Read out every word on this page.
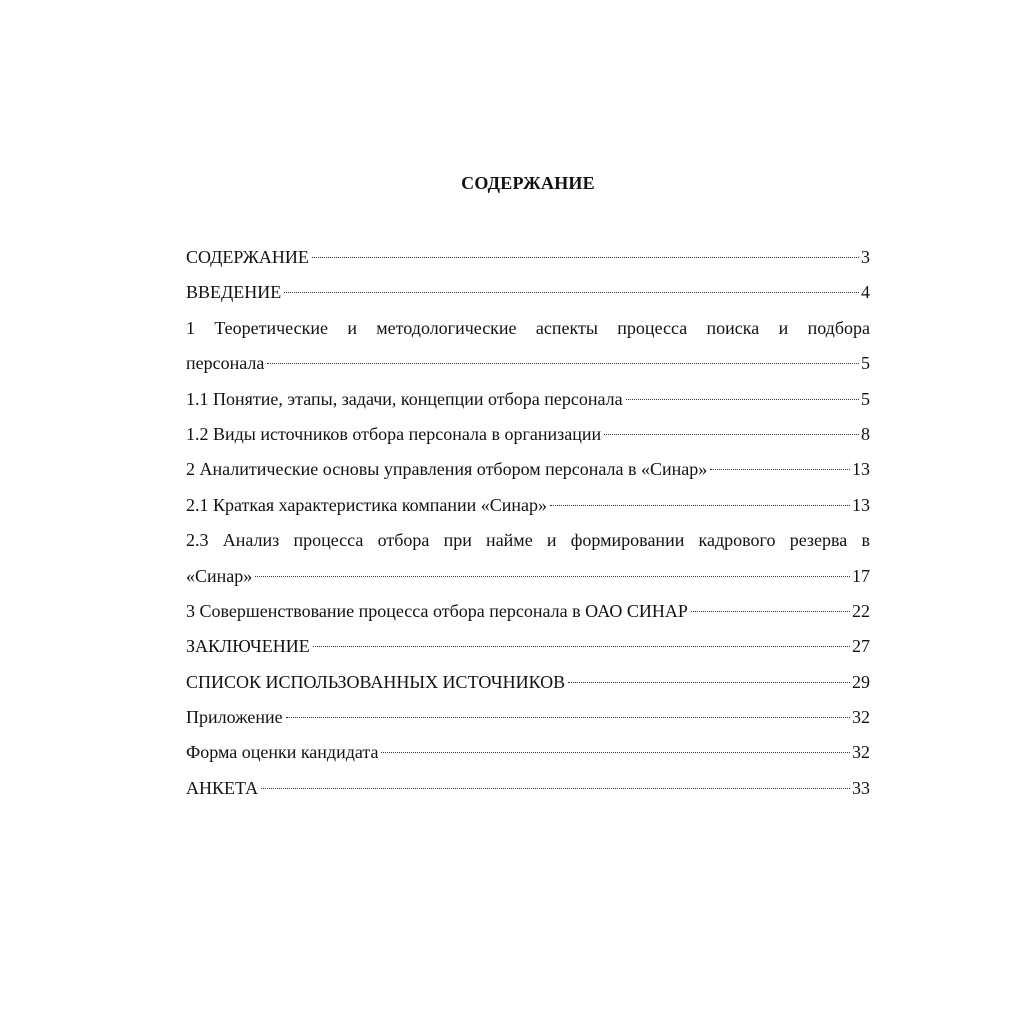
СОДЕРЖАНИЕ
СОДЕРЖАНИЕ	3
ВВЕДЕНИЕ	4
1 Теоретические и методологические аспекты процесса поиска и подбора
персонала	5
1.1 Понятие, этапы, задачи, концепции отбора персонала	5
1.2 Виды источников отбора персонала в организации	8
2 Аналитические основы управления отбором персонала в «Синар»	13
2.1 Краткая характеристика компании «Синар»	13
2.3 Анализ процесса отбора при найме и формировании кадрового резерва в
«Синар»	17
3 Совершенствование процесса отбора персонала в ОАО СИНАР	22
ЗАКЛЮЧЕНИЕ	27
СПИСОК ИСПОЛЬЗОВАННЫХ ИСТОЧНИКОВ	29
Приложение	32
Форма оценки кандидата	32
АНКЕТА	33
